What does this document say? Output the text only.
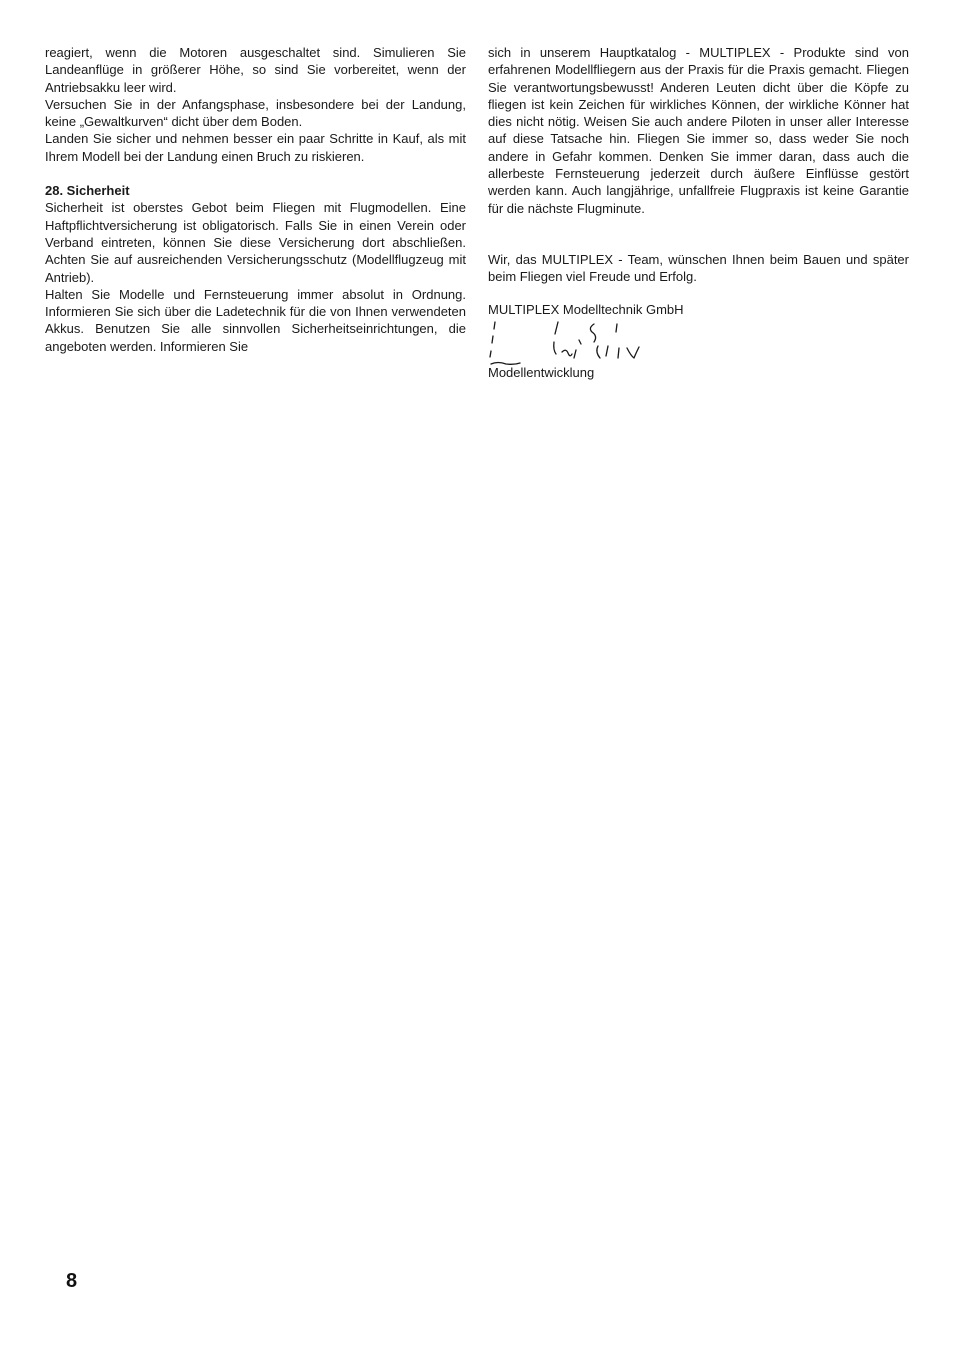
reagiert, wenn die Motoren ausgeschaltet sind. Simulieren Sie Landeanflüge in größerer Höhe, so sind Sie vorbereitet, wenn der Antriebsakku leer wird.

Versuchen Sie in der Anfangsphase, insbesondere bei der Landung, keine „Gewaltkurven“ dicht über dem Boden.

Landen Sie sicher und nehmen besser ein paar Schritte in Kauf, als mit Ihrem Modell bei der Landung einen Bruch zu riskieren.

28. Sicherheit

Sicherheit ist oberstes Gebot beim Fliegen mit Flugmodellen. Eine Haftpflichtversicherung ist obligatorisch. Falls Sie in einen Verein oder Verband eintreten, können Sie diese Versicherung dort abschließen. Achten Sie auf ausreichenden Versicherungsschutz (Modellflugzeug mit Antrieb).

Halten Sie Modelle und Fernsteuerung immer absolut in Ordnung. Informieren Sie sich über die Ladetechnik für die von Ihnen verwendeten Akkus. Benutzen Sie alle sinnvollen Sicherheitseinrichtungen, die angeboten werden. Informieren Sie

sich in unserem Hauptkatalog - MULTIPLEX - Produkte sind von erfahrenen Modellfliegern aus der Praxis für die Praxis gemacht. Fliegen Sie verantwortungsbewusst! Anderen Leuten dicht über die Köpfe zu fliegen ist kein Zeichen für wirkliches Können, der wirkliche Könner hat dies nicht nötig. Weisen Sie auch andere Piloten in unser aller Interesse auf diese Tatsache hin. Fliegen Sie immer so, dass weder Sie noch andere in Gefahr kommen. Denken Sie immer daran, dass auch die allerbeste Fernsteuerung jederzeit durch äußere Einflüsse gestört werden kann. Auch langjährige, unfallfreie Flugpraxis ist keine Garantie für die nächste Flugminute.

Wir, das MULTIPLEX - Team, wünschen Ihnen beim Bauen und später beim Fliegen viel Freude und Erfolg.

MULTIPLEX Modelltechnik GmbH

Modellentwicklung

8
